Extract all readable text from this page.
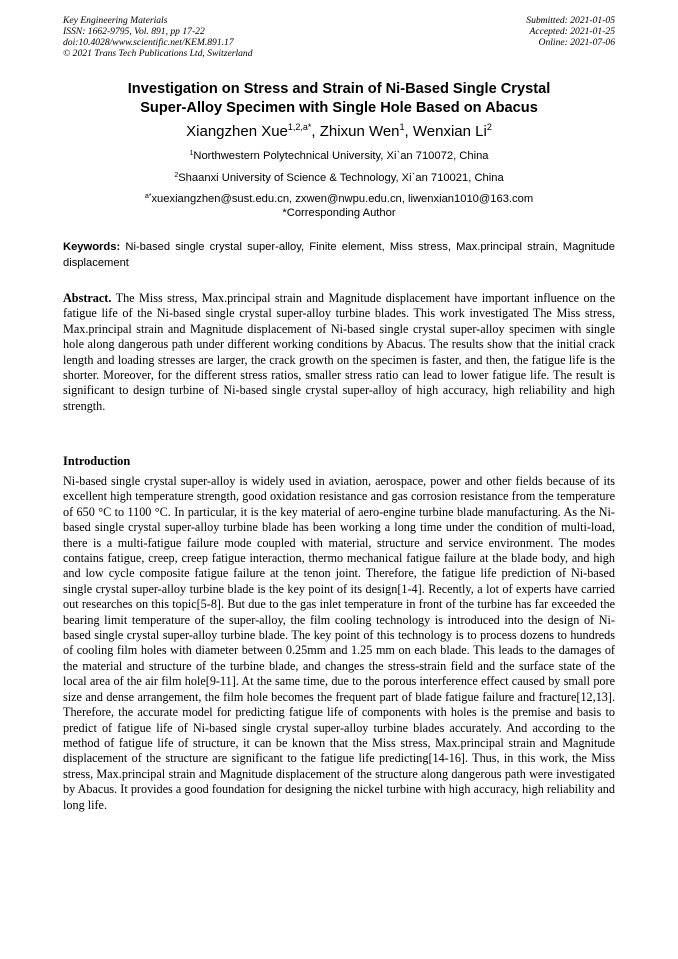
Key Engineering Materials
ISSN: 1662-9795, Vol. 891, pp 17-22
doi:10.4028/www.scientific.net/KEM.891.17
© 2021 Trans Tech Publications Ltd, Switzerland
Submitted: 2021-01-05
Accepted: 2021-01-25
Online: 2021-07-06
Investigation on Stress and Strain of Ni-Based Single Crystal
Super-Alloy Specimen with Single Hole Based on Abacus
Xiangzhen Xue$^{1,2,a*}$, Zhixun Wen$^1$, Wenxian Li$^2$
$^1$Northwestern Polytechnical University, Xi`an 710072, China
$^2$Shaanxi University of Science & Technology, Xi`an 710021, China
$^{a*}$xuexiangzhen@sust.edu.cn, zxwen@nwpu.edu.cn, liwenxian1010@163.com
*Corresponding Author
Keywords: Ni-based single crystal super-alloy, Finite element, Miss stress, Max.principal strain, Magnitude displacement
Abstract. The Miss stress, Max.principal strain and Magnitude displacement have important influence on the fatigue life of the Ni-based single crystal super-alloy turbine blades. This work investigated The Miss stress, Max.principal strain and Magnitude displacement of Ni-based single crystal super-alloy specimen with single hole along dangerous path under different working conditions by Abacus. The results show that the initial crack length and loading stresses are larger, the crack growth on the specimen is faster, and then, the fatigue life is the shorter. Moreover, for the different stress ratios, smaller stress ratio can lead to lower fatigue life. The result is significant to design turbine of Ni-based single crystal super-alloy of high accuracy, high reliability and high strength.
Introduction

Ni-based single crystal super-alloy is widely used in aviation, aerospace, power and other fields because of its excellent high temperature strength, good oxidation resistance and gas corrosion resistance from the temperature of 650 °C to 1100 °C. In particular, it is the key material of aero-engine turbine blade manufacturing. As the Ni-based single crystal super-alloy turbine blade has been working a long time under the condition of multi-load, there is a multi-fatigue failure mode coupled with material, structure and service environment. The modes contains fatigue, creep, creep fatigue interaction, thermo mechanical fatigue failure at the blade body, and high and low cycle composite fatigue failure at the tenon joint. Therefore, the fatigue life prediction of Ni-based single crystal super-alloy turbine blade is the key point of its design[1-4]. Recently, a lot of experts have carried out researches on this topic[5-8]. But due to the gas inlet temperature in front of the turbine has far exceeded the bearing limit temperature of the super-alloy, the film cooling technology is introduced into the design of Ni-based single crystal super-alloy turbine blade. The key point of this technology is to process dozens to hundreds of cooling film holes with diameter between 0.25mm and 1.25 mm on each blade. This leads to the damages of the material and structure of the turbine blade, and changes the stress-strain field and the surface state of the local area of the air film hole[9-11]. At the same time, due to the porous interference effect caused by small pore size and dense arrangement, the film hole becomes the frequent part of blade fatigue failure and fracture[12,13]. Therefore, the accurate model for predicting fatigue life of components with holes is the premise and basis to predict of fatigue life of Ni-based single crystal super-alloy turbine blades accurately. And according to the method of fatigue life of structure, it can be known that the Miss stress, Max.principal strain and Magnitude displacement of the structure are significant to the fatigue life predicting[14-16]. Thus, in this work, the Miss stress, Max.principal strain and Magnitude displacement of the structure along dangerous path were investigated by Abacus. It provides a good foundation for designing the nickel turbine with high accuracy, high reliability and long life.
